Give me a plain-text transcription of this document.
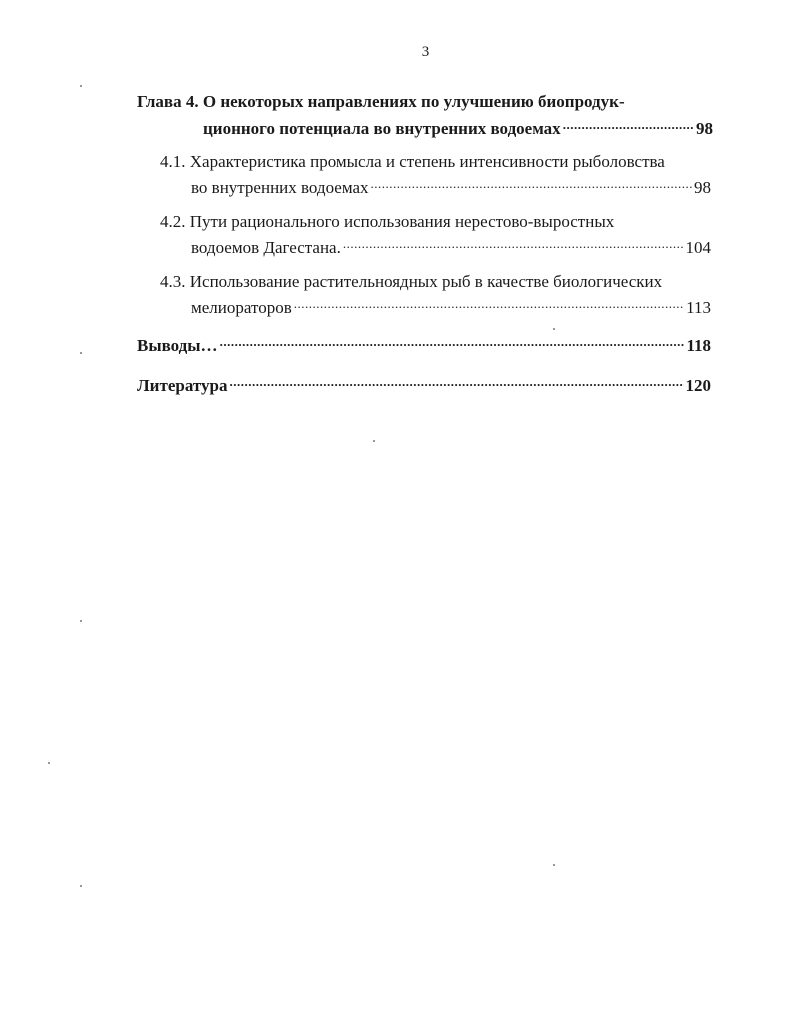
3
Глава 4. О некоторых направлениях по улучшению биопродук-
ционного потенциала во внутренних водоемах .....	98
4.1. Характеристика промысла и степень интенсивности рыболовства
во внутренних водоемах .....	98
4.2. Пути рационального использования нерестово-выростных
водоемов Дагестана. .....	104
4.3. Использование растительноядных рыб в качестве биологических
мелиораторов .....	113
Выводы… .....	118
Литература .....	120
